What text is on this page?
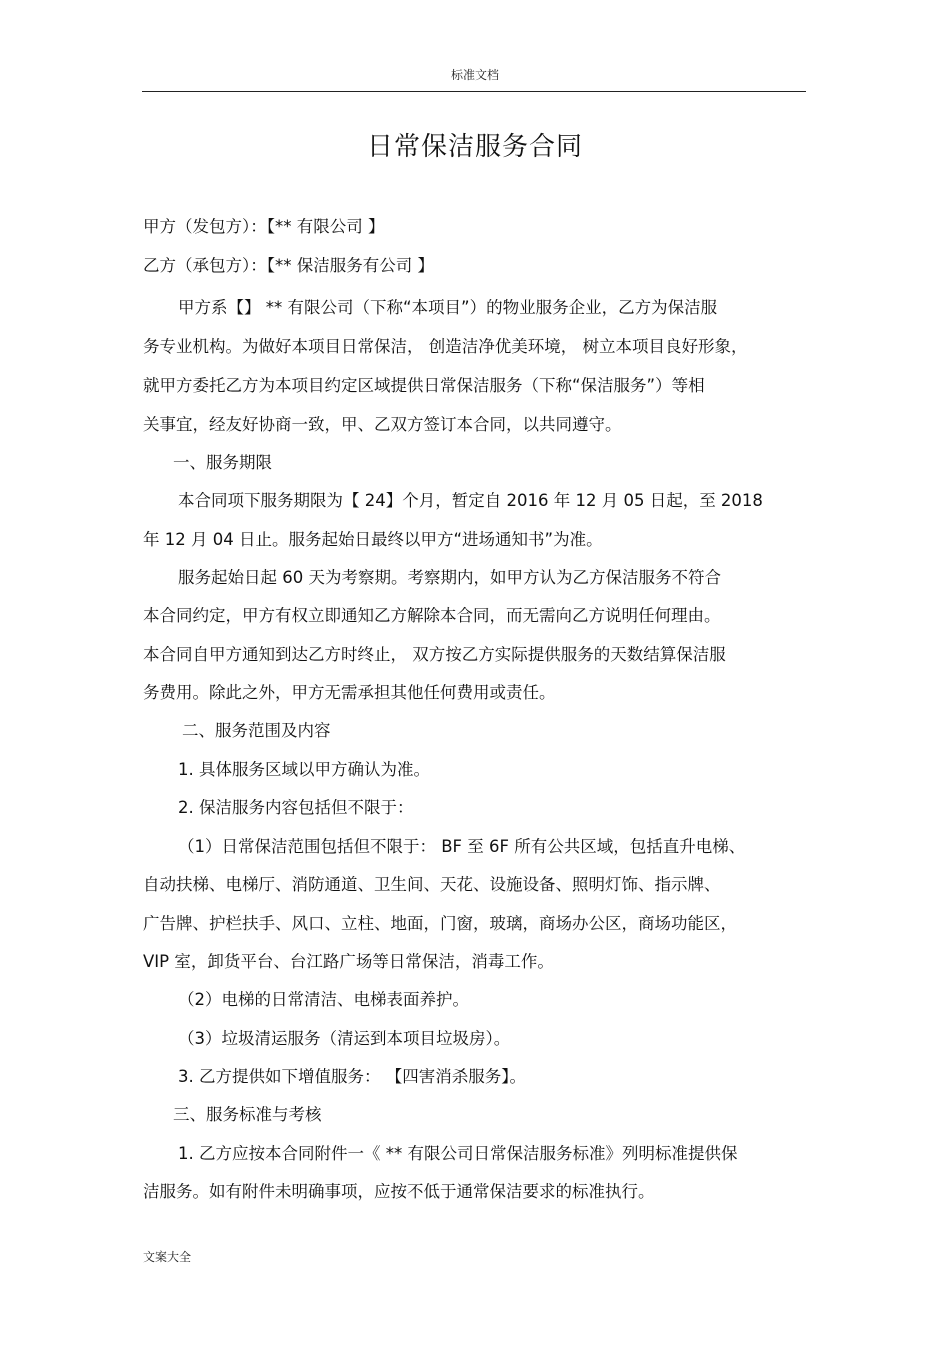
标准文档
日常保洁服务合同
甲方（发包方）：【** 有限公司 】
乙方（承包方）：【** 保洁服务有公司 】
甲方系【】 ** 有限公司（下称“本项目”）的物业服务企业，乙方为保洁服
务专业机构。为做好本项目日常保洁， 创造洁净优美环境， 树立本项目良好形象，
就甲方委托乙方为本项目约定区域提供日常保洁服务（下称“保洁服务”）等相
关事宜，经友好协商一致，甲、乙双方签订本合同，以共同遵守。
一、服务期限
本合同项下服务期限为【 24】个月，暂定自 2016 年 12 月 05 日起，至 2018
年 12 月 04 日止。服务起始日最终以甲方“进场通知书”为准。
服务起始日起 60 天为考察期。考察期内，如甲方认为乙方保洁服务不符合
本合同约定，甲方有权立即通知乙方解除本合同，而无需向乙方说明任何理由。
本合同自甲方通知到达乙方时终止， 双方按乙方实际提供服务的天数结算保洁服
务费用。除此之外，甲方无需承担其他任何费用或责任。
二、服务范围及内容
1. 具体服务区域以甲方确认为准。
2. 保洁服务内容包括但不限于：
（1）日常保洁范围包括但不限于： BF 至 6F 所有公共区域，包括直升电梯、
自动扶梯、电梯厅、消防通道、卫生间、天花、设施设备、照明灯饰、指示牌、
广告牌、护栏扶手、风口、立柱、地面，门窗，玻璃，商场办公区，商场功能区，
VIP 室，卸货平台、台江路广场等日常保洁，消毒工作。
（2）电梯的日常清洁、电梯表面养护。
（3）垃圾清运服务（清运到本项目垃圾房）。
3. 乙方提供如下增值服务： 【四害消杀服务】。
三、服务标准与考核
1. 乙方应按本合同附件一《 ** 有限公司日常保洁服务标准》列明标准提供保
洁服务。如有附件未明确事项，应按不低于通常保洁要求的标准执行。
文案大全
